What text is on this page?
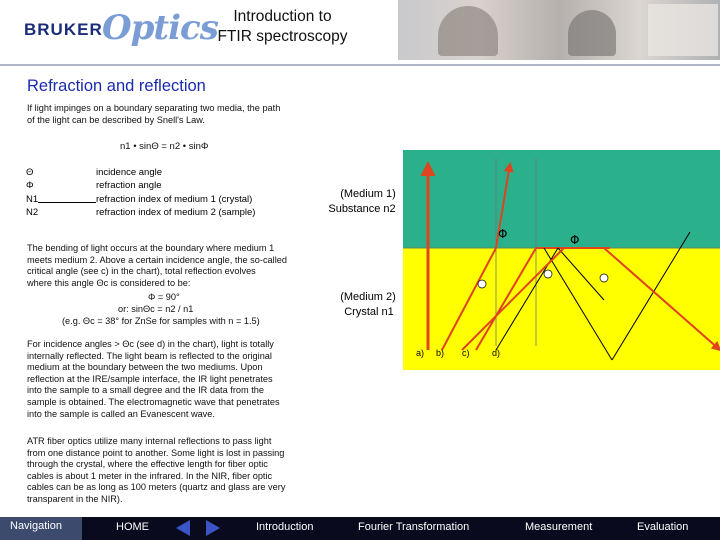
BRUKER Optics	Introduction to
FTIR spectroscopy
Refraction and reflection
If light impinges on a boundary separating two media, the path
of the light can be described by Snell's Law.
n1 • sinΘ = n2 • sinΦ
Θ	incidence angle
Φ	refraction angle
N1	refraction index of medium 1 (crystal)
N2	refraction index of medium 2 (sample)
The bending of light occurs at the boundary where medium 1
meets medium 2. Above a certain incidence angle, the so-called
critical angle (see c) in the chart), total reflection evolves
where this angle Θc is considered to be:
Φ = 90°
or: sinΘc = n2 / n1
(e.g. Θc = 38° for ZnSe for samples with n = 1.5)
For incidence angles > Θc (see d) in the chart), light is totally
internally reflected. The light beam is reflected to the original
medium at the boundary between the two mediums. Upon
reflection at the IRE/sample interface, the IR light penetrates
into the sample to a small degree and the IR data from the
sample is obtained. The electromagnetic wave that penetrates
into the sample is called an Evanescent wave.
ATR fiber optics utilize many internal reflections to pass light
from one distance point to another. Some light is lost in passing
through the crystal, where the effective length for fiber optic
cables is about 1 meter in the infrared. In the NIR, fiber optic
cables can be as long as 100 meters (quartz and glass are very
transparent in the NIR).
(Medium 1)
Substance n2
(Medium 2)
Crystal n1
Φ	Φ
a) b) c)	d)
Navigation	HOME	Introduction	Fourier Transformation	Measurement	Evaluation
